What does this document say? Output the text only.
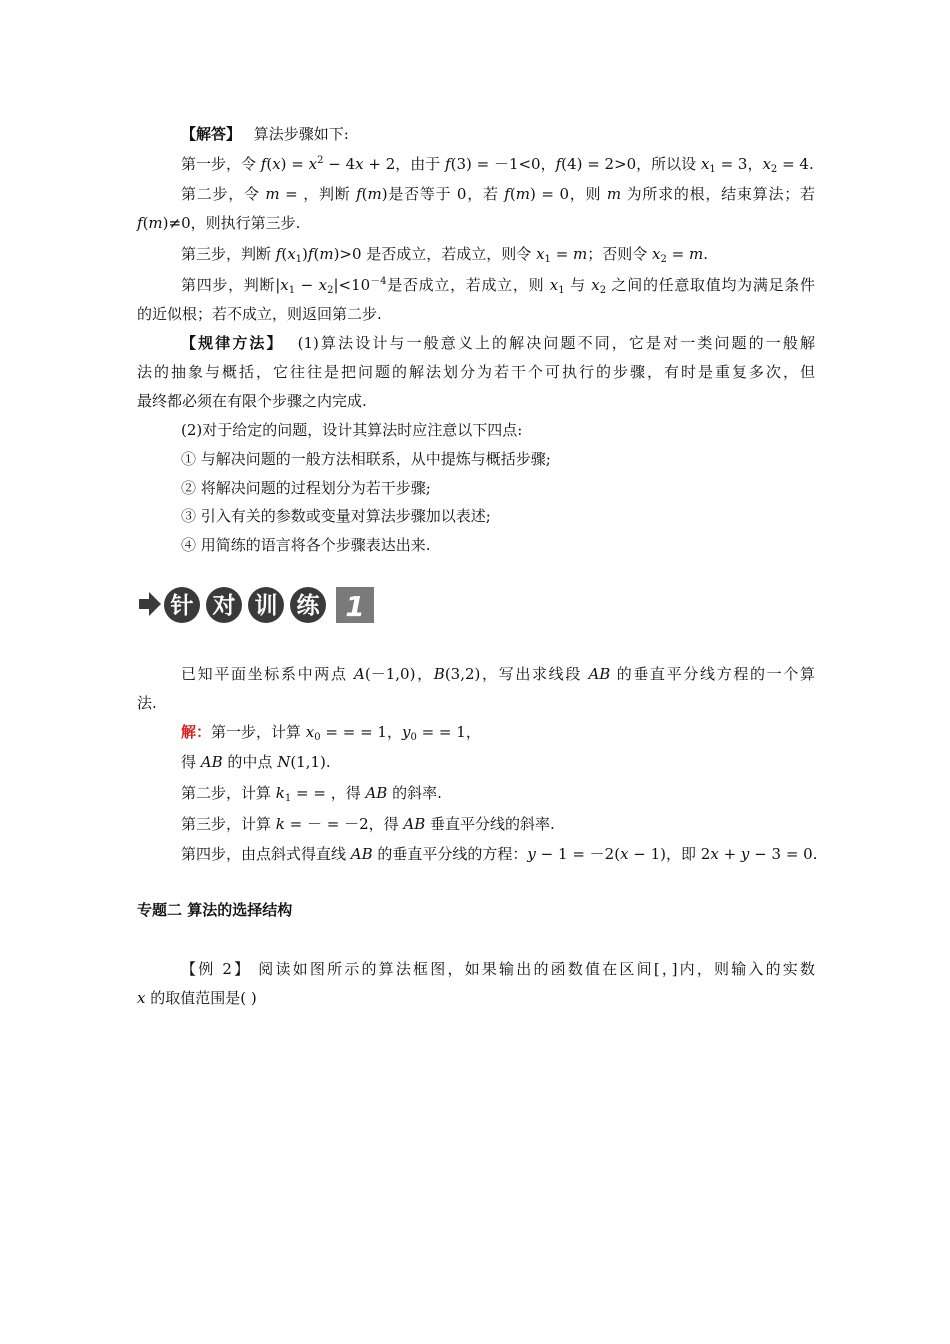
【解答】 算法步骤如下:
第一步，令 $f(x) = x^2 - 4x + 2$，由于 f(3) = －1<0，f(4) = 2>0，所以设 $x_1 = 3$，$x_2 = 4$.
第二步，令 m = ，判断 f(m)是否等于 0，若 f(m) = 0，则 m 为所求的根，结束算法；若
f(m)≠0，则执行第三步.
第三步，判断 $f(x_1)f(m)>0$ 是否成立，若成立，则令 $x_1 = m$；否则令 $x_2 = m$.
第四步，判断$|x_1 - x_2|<10^{-4}$是否成立，若成立，则 $x_1$ 与 $x_2$ 之间的任意取值均为满足条件
的近似根；若不成立，则返回第二步.
【规律方法】 (1)算法设计与一般意义上的解决问题不同，它是对一类问题的一般解
法的抽象与概括，它往往是把问题的解法划分为若干个可执行的步骤，有时是重复多次，但
最终都必须在有限个步骤之内完成.
(2)对于给定的问题，设计其算法时应注意以下四点:
① 与解决问题的一般方法相联系，从中提炼与概括步骤;
② 将解决问题的过程划分为若干步骤;
③ 引入有关的参数或变量对算法步骤加以表述;
④ 用简练的语言将各个步骤表达出来.
针 对 训 练 1
已知平面坐标系中两点 A(－1,0)，B(3,2)，写出求线段 AB 的垂直平分线方程的一个算
法.
解：第一步，计算 $x_0$ = = = 1，$y_0$ = = 1，
得 AB 的中点 N(1,1).
第二步，计算 $k_1$ = = ，得 AB 的斜率.
第三步，计算 k = － = －2，得 AB 垂直平分线的斜率.
第四步，由点斜式得直线 AB 的垂直平分线的方程：y − 1 = －2(x − 1)，即 2x + y − 3 = 0.
专题二 算法的选择结构
【例 2】 阅读如图所示的算法框图，如果输出的函数值在区间[，]内，则输入的实数
x 的取值范围是( )
